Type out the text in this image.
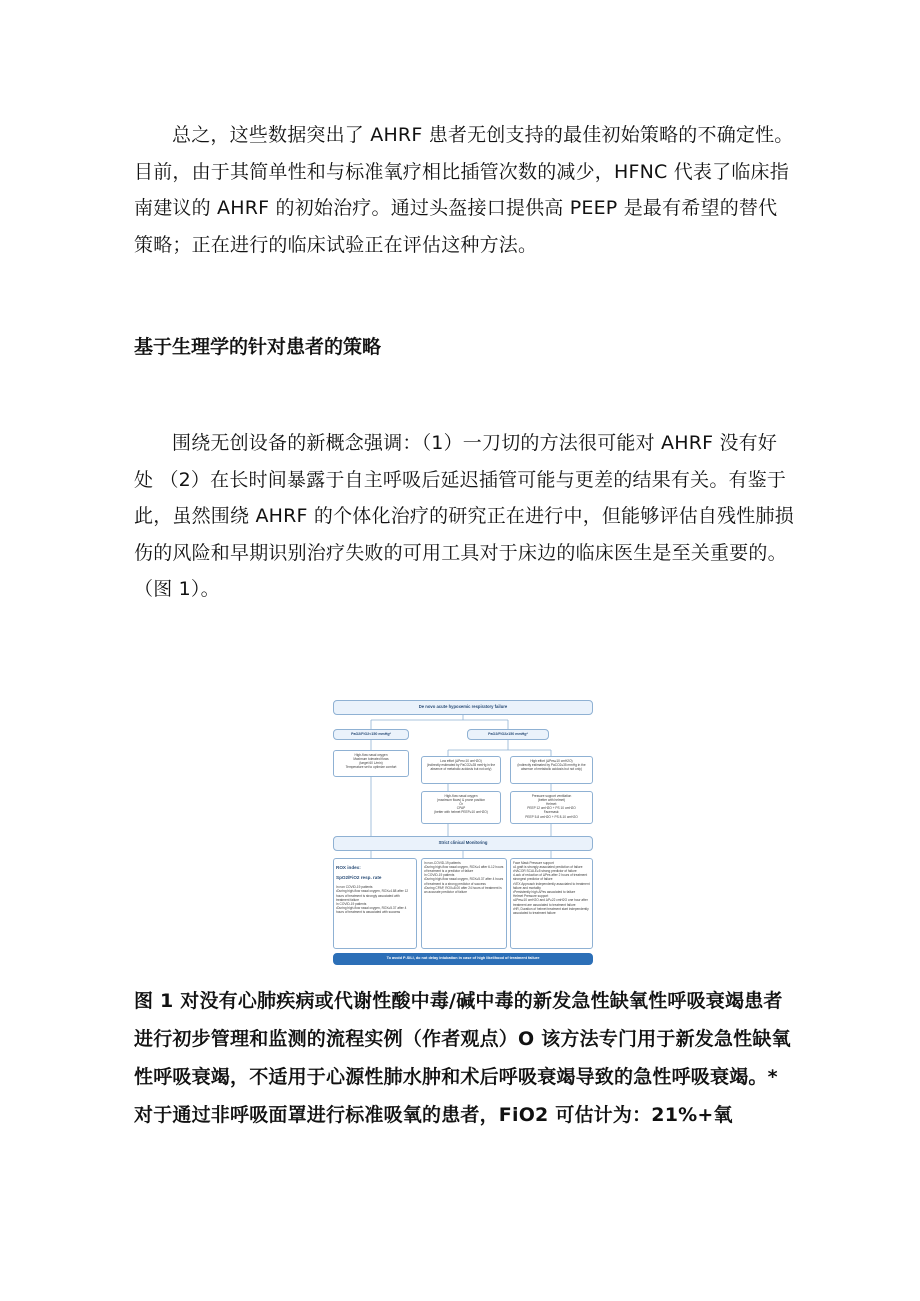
总之，这些数据突出了 AHRF 患者无创支持的最佳初始策略的不确定性。目前，由于其简单性和与标准氧疗相比插管次数的减少，HFNC 代表了临床指南建议的 AHRF 的初始治疗。通过头盔接口提供高 PEEP 是最有希望的替代策略；正在进行的临床试验正在评估这种方法。

基于生理学的针对患者的策略

围绕无创设备的新概念强调：（1）一刀切的方法很可能对 AHRF 没有好处 （2）在长时间暴露于自主呼吸后延迟插管可能与更差的结果有关。有鉴于此，虽然围绕 AHRF 的个体化治疗的研究正在进行中，但能够评估自残性肺损伤的风险和早期识别治疗失败的可用工具对于床边的临床医生是至关重要的。（图 1）。

De novo acute hypoxemic respiratory failure
PaO2/FiO2<150 mmHg*	PaO2/FiO2≥150 mmHg*
High-flow nasal oxygen
Maximum tolerated flows
(target 60 L/min)
Temperature set to optimize comfort
Low effort (ΔPes<10 cmH2O)
(indirectly estimated by PaCO2≤35 mmHg in the absence of metabolic acidosis but not only)
High effort (ΔPes≥10 cmH2O)
(indirectly estimated by PaCO2≤35 mmHg in the absence of metabolic acidosis but not only)
High-flow nasal oxygen
(maximum flows) & prone position
Or
CPAP
(better with helmet PEEP≥10 cmH2O)
Pressure support ventilation
(better with helmet)
Helmet:
PEEP 12 cmH2O + PS 10 cmH2O
Facemask:
PEEP 5-8 cmH2O + PS 8-10 cmH2O
Strict clinical Monitoring

ROX index:

SpO2/FiO2 resp. rate

In non COVID-19 patients
•During high-flow nasal oxygen, ROX≥4.88 after 12 hours of treatment is strongly associated with treatment failure
In COVID-19 patients
•During high-flow nasal oxygen, ROX≥5.37 after 4 hours of treatment is associated with success

In non-COVID-19 patients
•During high-flow nasal oxygen, ROX≥4 after 6-12 hours of treatment is a predictor of failure
In COVID-19 patients
•During high-flow nasal oxygen, ROX≥5.37 after 4 hours of treatment is a strong predictor of success
•During CPAP, ROX≤8.00 after 24 hours of treatment is an accurate predictor of failure
Face Mask Pressure support
•A graft is strongly associated prediction of failure
•HACOR SCALE≥5 strong predictor of failure
•Lack of reduction of ΔPes after 2 hours of treatment strongest predictor of failure
•VEX Approach independently associated to treatment failure and mortality
•Persistently high ΔPes associated to failure
Helmet Pressure support
•ΔPes≥10 cmH2O and ΔP≥22 cmH2O one hour after treatment are associated to treatment failure
•HR, Duration of helmet treatment start independently associated to treatment failure
To avoid P-SILI, do not delay intubation in case of high likelihood of treatment failure

图 1 对没有心肺疾病或代谢性酸中毒/碱中毒的新发急性缺氧性呼吸衰竭患者进行初步管理和监测的流程实例（作者观点）O 该方法专门用于新发急性缺氧性呼吸衰竭，不适用于心源性肺水肿和术后呼吸衰竭导致的急性呼吸衰竭。*对于通过非呼吸面罩进行标准吸氧的患者，FiO2 可估计为：21%+氧
